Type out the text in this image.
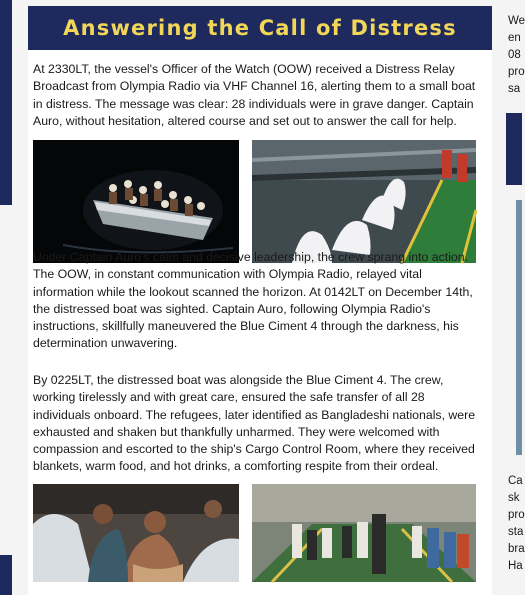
Answering the Call of Distress
At 2330LT, the vessel's Officer of the Watch (OOW) received a Distress Relay Broadcast from Olympia Radio via VHF Channel 16, alerting them to a small boat in distress. The message was clear: 28 individuals were in grave danger. Captain Auro, without hesitation, altered course and set out to answer the call for help.
Under Captain Auro's calm and decisive leadership, the crew sprang into action. The OOW, in constant communication with Olympia Radio, relayed vital information while the lookout scanned the horizon. At 0142LT on December 14th, the distressed boat was sighted. Captain Auro, following Olympia Radio's instructions, skillfully maneuvered the Blue Ciment 4 through the darkness, his determination unwavering.
By 0225LT, the distressed boat was alongside the Blue Ciment 4. The crew, working tirelessly and with great care, ensured the safe transfer of all 28 individuals onboard. The refugees, later identified as Bangladeshi nationals, were exhausted and shaken but thankfully unharmed. They were welcomed with compassion and escorted to the ship's Cargo Control Room, where they received blankets, warm food, and hot drinks, a comforting respite from their ordeal.
We
en
08
pro
sa
Ca
sk
pro
sta
bra
Ha
